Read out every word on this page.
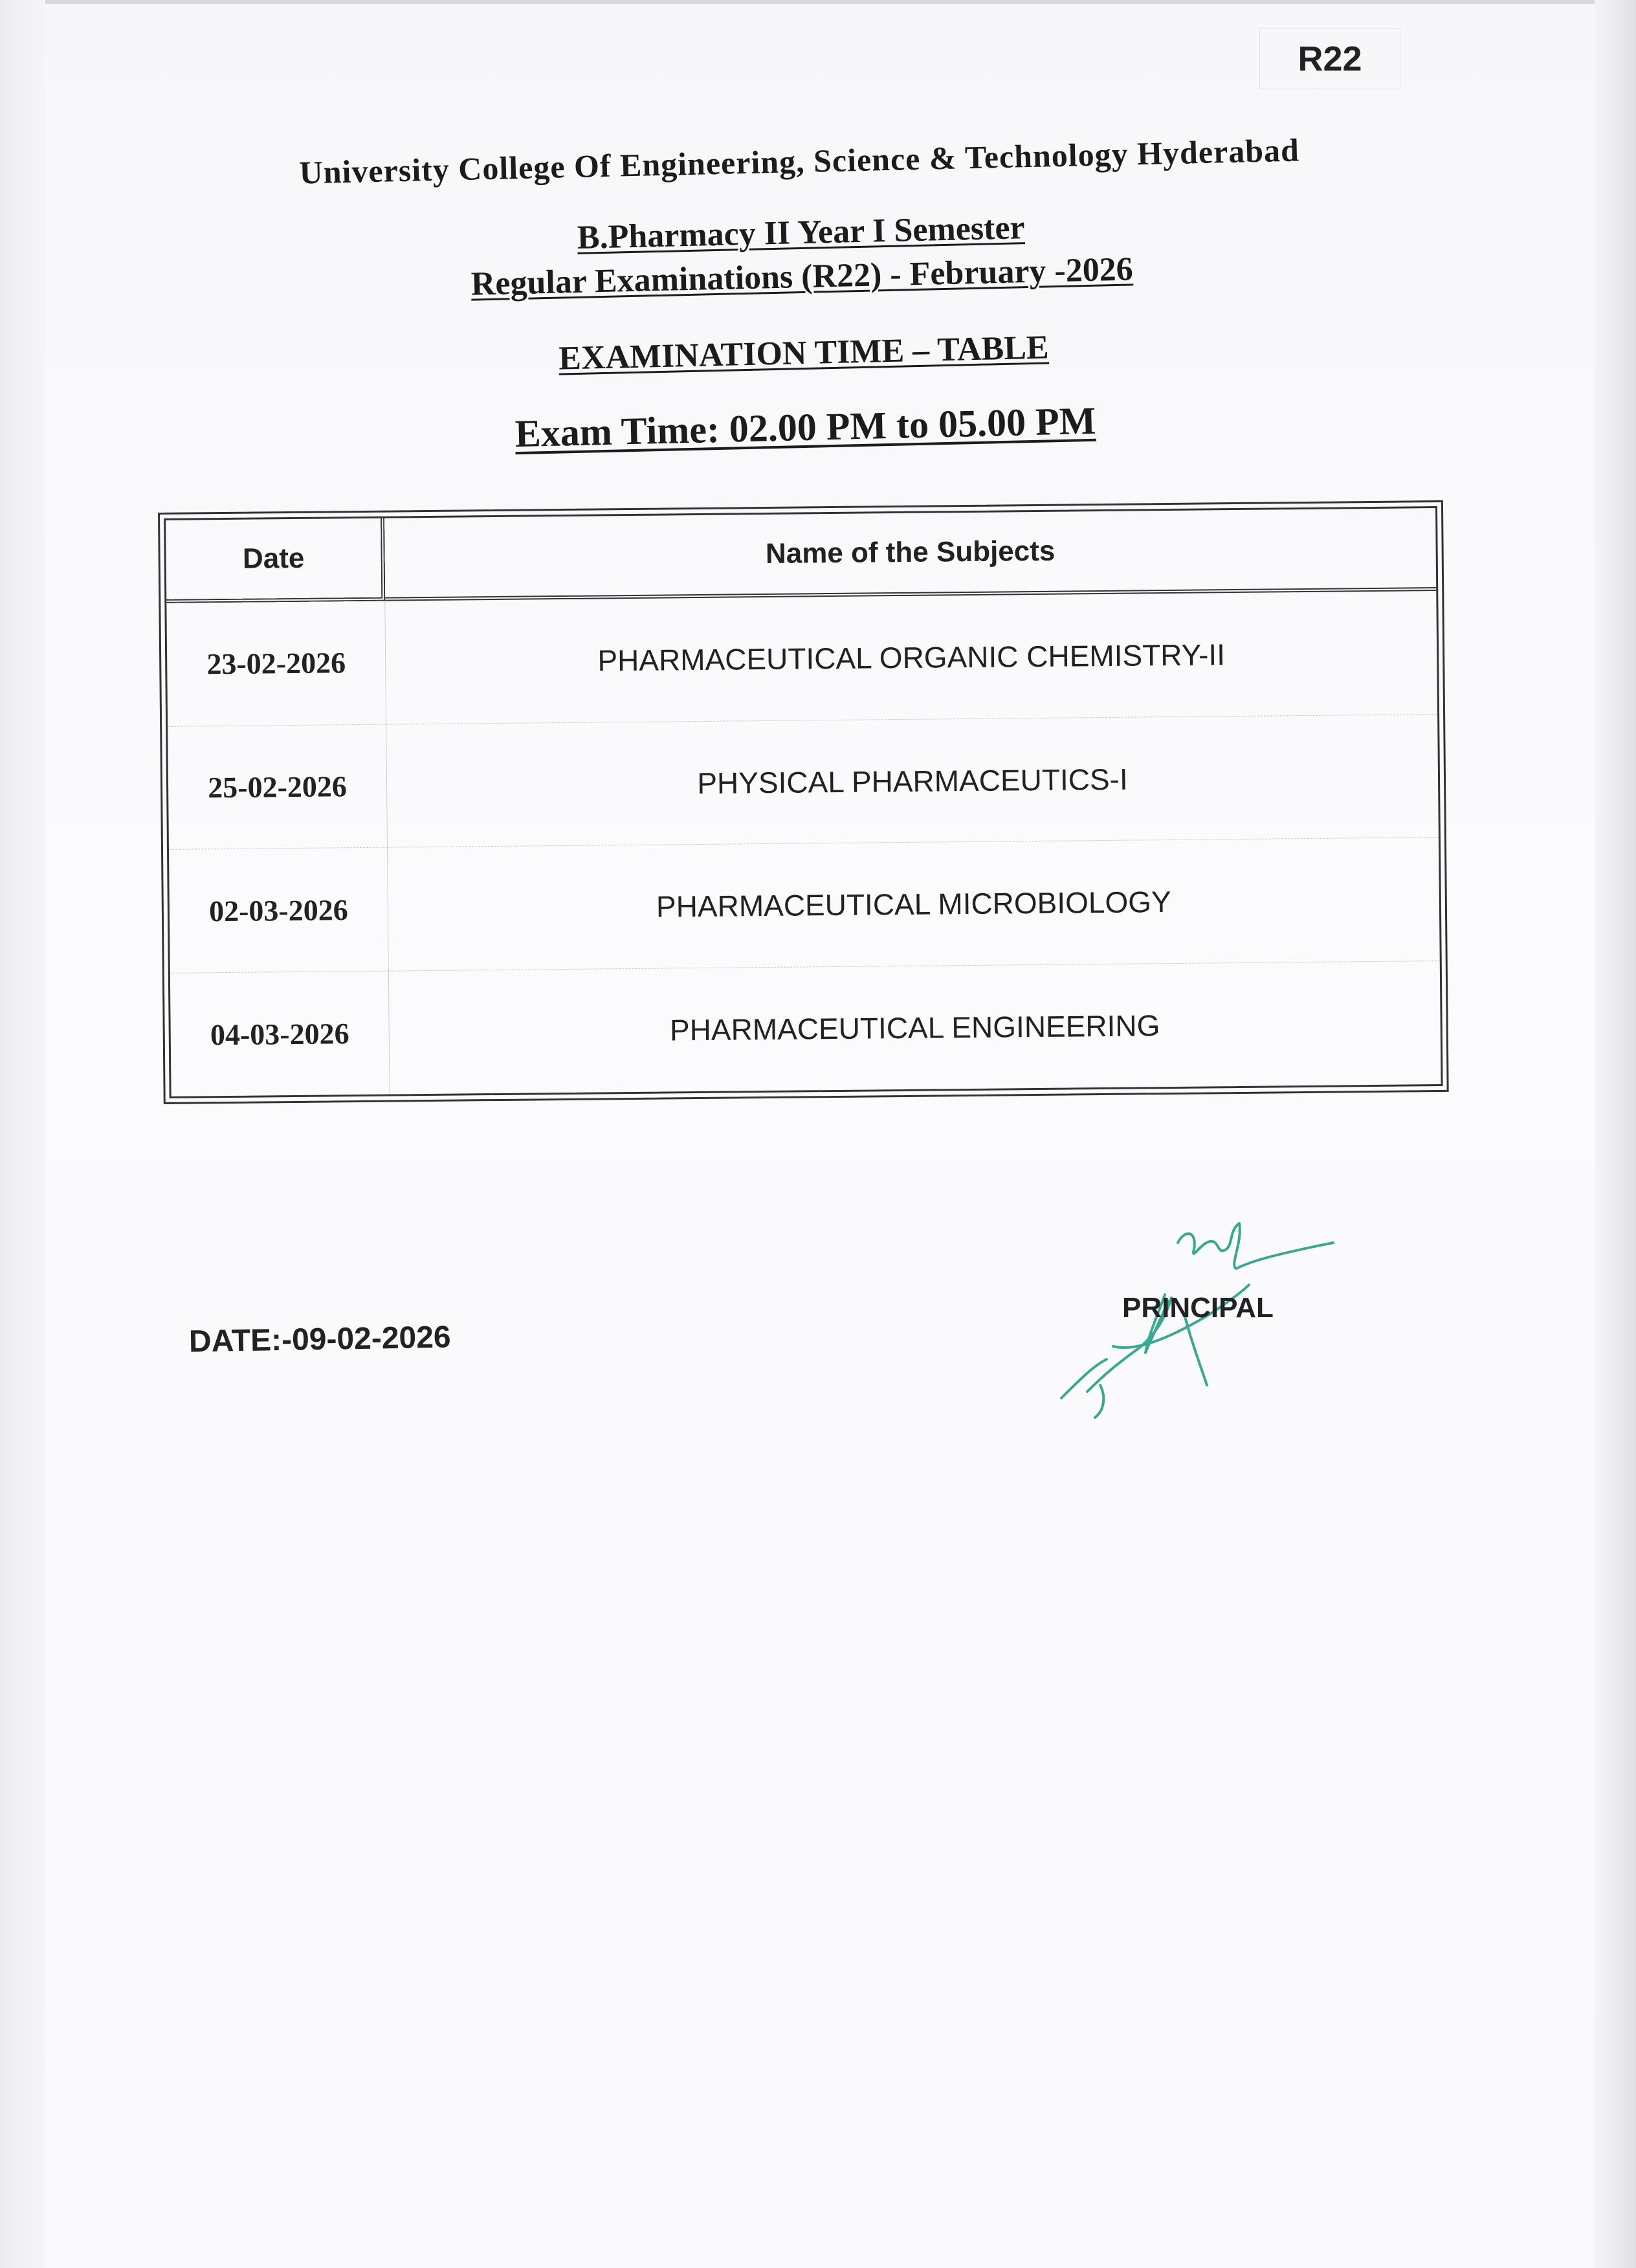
R22

University College Of Engineering, Science & Technology Hyderabad

B.Pharmacy II Year I Semester

Regular Examinations (R22) - February -2026

EXAMINATION TIME – TABLE

Exam Time: 02.00 PM to 05.00 PM

Date	Name of the Subjects
23-02-2026	PHARMACEUTICAL ORGANIC CHEMISTRY-II
25-02-2026	PHYSICAL PHARMACEUTICS-I
02-03-2026	PHARMACEUTICAL MICROBIOLOGY
04-03-2026	PHARMACEUTICAL ENGINEERING
DATE:-09-02-2026
PRINCIPAL
